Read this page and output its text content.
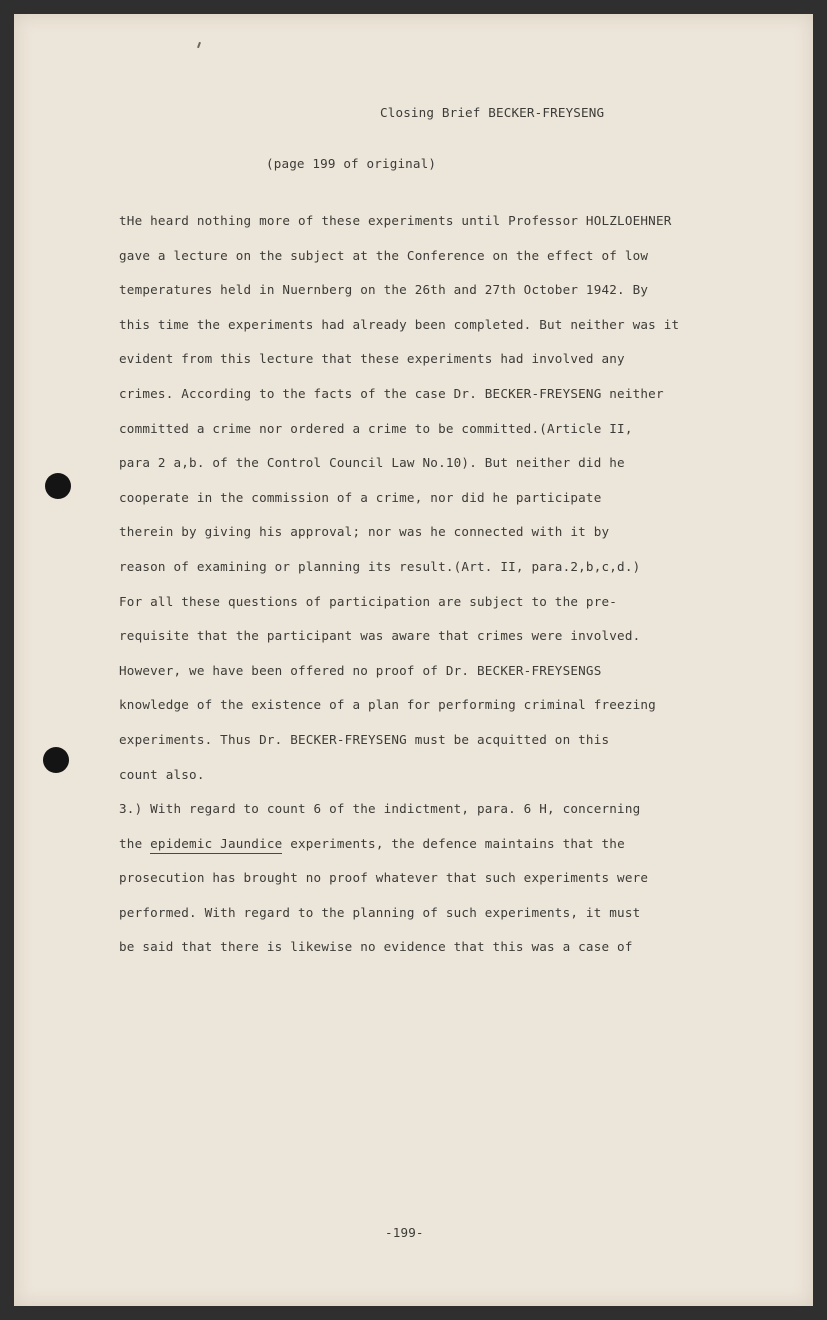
Closing Brief BECKER-FREYSENG
(page 199 of original)
tHe heard nothing more of these experiments until Professor HOLZLOEHNER
gave a lecture on the subject at the Conference on the effect of low
temperatures held in Nuernberg on the 26th and 27th October 1942. By
this time the experiments had already been completed. But neither was it
evident from this lecture that these experiments had involved any
crimes. According to the facts of the case Dr. BECKER-FREYSENG neither
committed a crime nor ordered a crime to be committed.(Article II,
para 2 a,b. of the Control Council Law No.10). But neither did he
cooperate in the commission of a crime, nor did he participate
therein by giving his approval; nor was he connected with it by
reason of examining or planning its result.(Art. II, para.2,b,c,d.)
For all these questions of participation are subject to the pre-
requisite that the participant was aware that crimes were involved.
However, we have been offered no proof of Dr. BECKER-FREYSENGS
knowledge of the existence of a plan for performing criminal freezing
experiments. Thus Dr. BECKER-FREYSENG must be acquitted on this
count also.
3.) With regard to count 6 of the indictment, para. 6 H, concerning
the epidemic Jaundice experiments, the defence maintains that the
prosecution has brought no proof whatever that such experiments were
performed. With regard to the planning of such experiments, it must
be said that there is likewise no evidence that this was a case of
-199-
